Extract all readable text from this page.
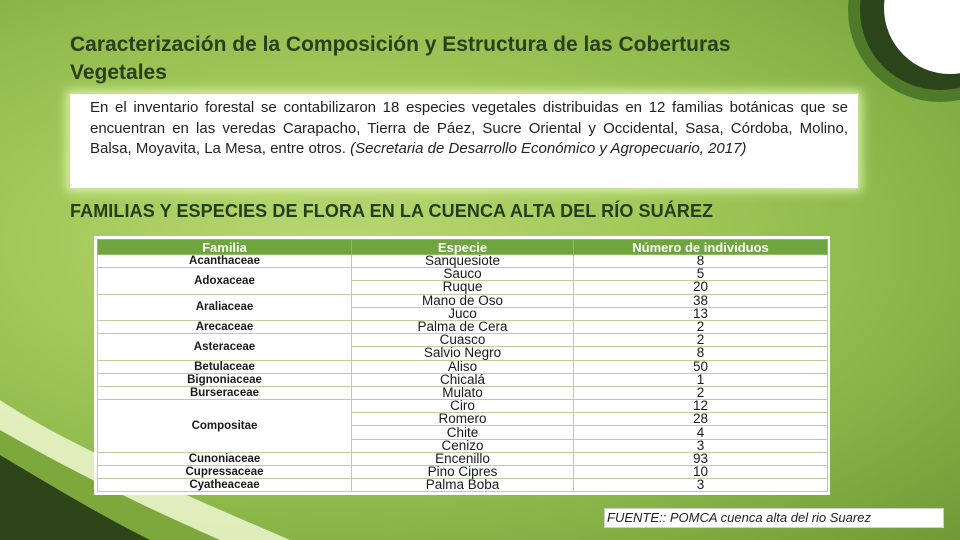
Caracterización de la Composición y Estructura de las Coberturas Vegetales

En el inventario forestal se contabilizaron 18 especies vegetales distribuidas en 12 familias botánicas que se encuentran en las veredas Carapacho, Tierra de Páez, Sucre Oriental y Occidental, Sasa, Córdoba, Molino, Balsa, Moyavita, La Mesa, entre otros. (Secretaria de Desarrollo Económico y Agropecuario, 2017)

FAMILIAS Y ESPECIES DE FLORA EN LA CUENCA ALTA DEL RÍO SUÁREZ
Familia	Especie	Número de individuos
Acanthaceae	Sanquesiote	8
Adoxaceae	Sauco	5
	Ruque	20
Araliaceae	Mano de Oso	38
	Juco	13
Arecaceae	Palma de Cera	2
Asteraceae	Cuasco	2
	Salvio Negro	8
Betulaceae	Aliso	50
Bignoniaceae	Chicalá	1
Burseraceae	Mulato	2
Compositae	Ciro	12
	Romero	28
	Chite	4
	Cenizo	3
Cunoniaceae	Encenillo	93
Cupressaceae	Pino Cipres	10
Cyatheaceae	Palma Boba	3
FUENTE:: POMCA cuenca alta del rio Suarez
